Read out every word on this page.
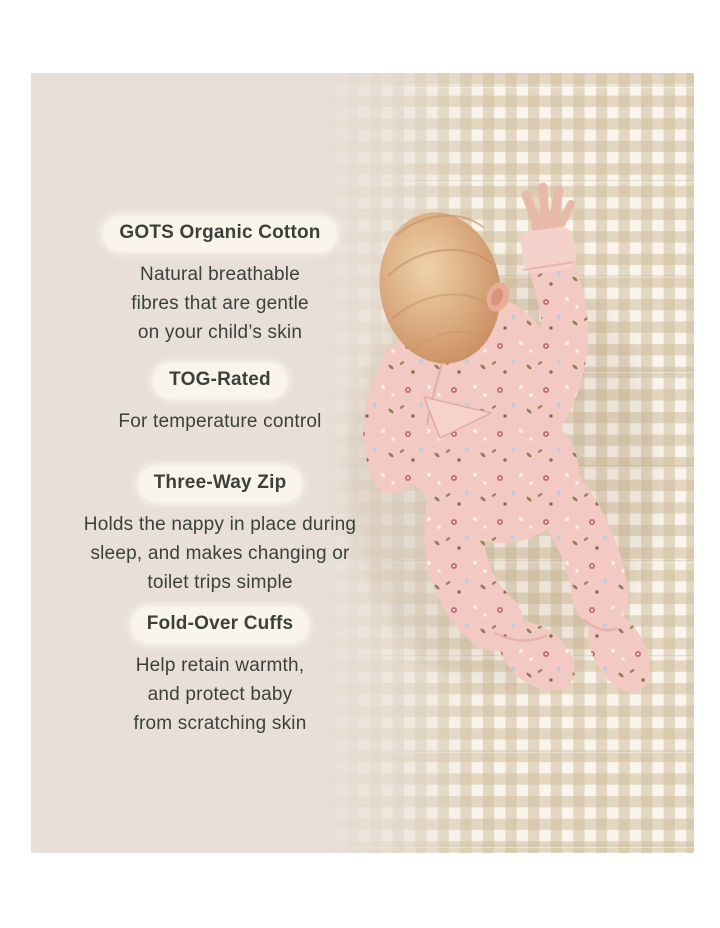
GOTS Organic Cotton
Natural breathable
fibres that are gentle
on your child’s skin
TOG-Rated
For temperature control
Three-Way Zip
Holds the nappy in place during
sleep, and makes changing or
toilet trips simple
Fold-Over Cuffs
Help retain warmth,
and protect baby
from scratching skin
